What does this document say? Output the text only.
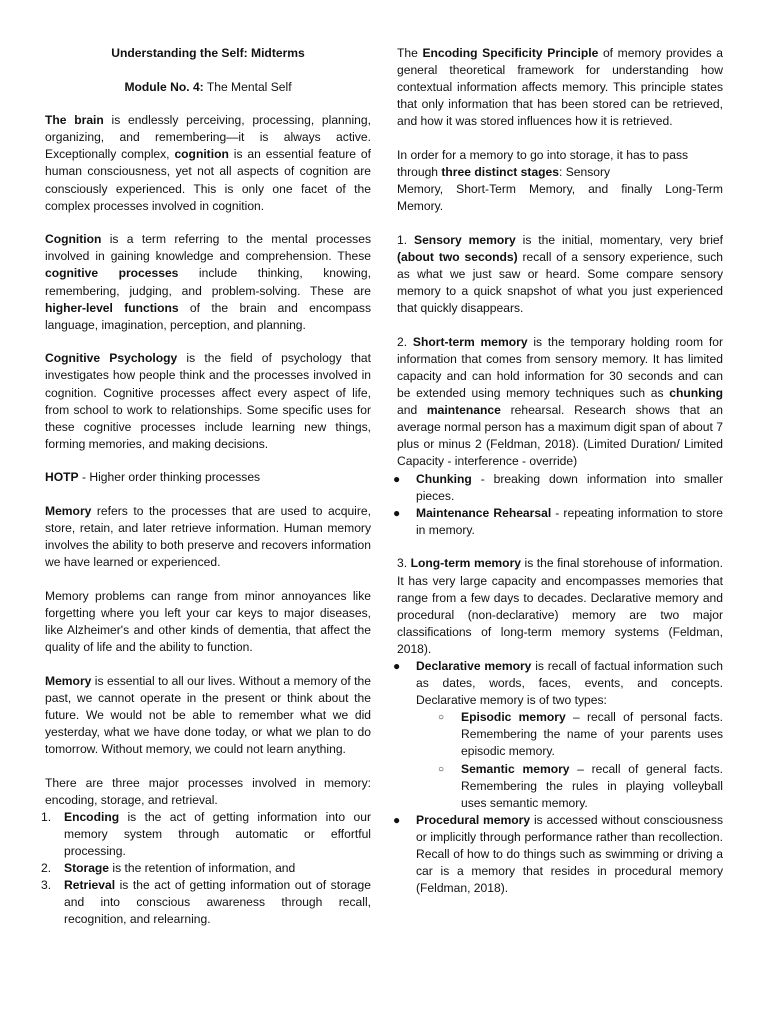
Understanding the Self: Midterms

Module No. 4: The Mental Self

The brain is endlessly perceiving, processing, planning, organizing, and remembering—it is always active. Exceptionally complex, cognition is an essential feature of human consciousness, yet not all aspects of cognition are consciously experienced. This is only one facet of the complex processes involved in cognition.

Cognition is a term referring to the mental processes involved in gaining knowledge and comprehension. These cognitive processes include thinking, knowing, remembering, judging, and problem-solving. These are higher-level functions of the brain and encompass language, imagination, perception, and planning.

Cognitive Psychology is the field of psychology that investigates how people think and the processes involved in cognition. Cognitive processes affect every aspect of life, from school to work to relationships. Some specific uses for these cognitive processes include learning new things, forming memories, and making decisions.

HOTP - Higher order thinking processes

Memory refers to the processes that are used to acquire, store, retain, and later retrieve information. Human memory involves the ability to both preserve and recovers information we have learned or experienced.

Memory problems can range from minor annoyances like forgetting where you left your car keys to major diseases, like Alzheimer's and other kinds of dementia, that affect the quality of life and the ability to function.

Memory is essential to all our lives. Without a memory of the past, we cannot operate in the present or think about the future. We would not be able to remember what we did yesterday, what we have done today, or what we plan to do tomorrow. Without memory, we could not learn anything.

There are three major processes involved in memory: encoding, storage, and retrieval.

1. Encoding is the act of getting information into our memory system through automatic or effortful processing.
2. Storage is the retention of information, and
3. Retrieval is the act of getting information out of storage and into conscious awareness through recall, recognition, and relearning.

The Encoding Specificity Principle of memory provides a general theoretical framework for understanding how contextual information affects memory. This principle states that only information that has been stored can be retrieved, and how it was stored influences how it is retrieved.

In order for a memory to go into storage, it has to pass through three distinct stages: Sensory

Memory, Short-Term Memory, and finally Long-Term Memory.

1. Sensory memory is the initial, momentary, very brief (about two seconds) recall of a sensory experience, such as what we just saw or heard. Some compare sensory memory to a quick snapshot of what you just experienced that quickly disappears.

2. Short-term memory is the temporary holding room for information that comes from sensory memory. It has limited capacity and can hold information for 30 seconds and can be extended using memory techniques such as chunking and maintenance rehearsal. Research shows that an average normal person has a maximum digit span of about 7 plus or minus 2 (Feldman, 2018). (Limited Duration/ Limited Capacity - interference - override)

● Chunking - breaking down information into smaller pieces.
● Maintenance Rehearsal - repeating information to store in memory.

3. Long-term memory is the final storehouse of information. It has very large capacity and encompasses memories that range from a few days to decades. Declarative memory and procedural (non-declarative) memory are two major classifications of long-term memory systems (Feldman, 2018).

● Declarative memory is recall of factual information such as dates, words, faces, events, and concepts. Declarative memory is of two types:
○ Episodic memory – recall of personal facts. Remembering the name of your parents uses episodic memory.
○ Semantic memory – recall of general facts. Remembering the rules in playing volleyball uses semantic memory.
● Procedural memory is accessed without consciousness or implicitly through performance rather than recollection. Recall of how to do things such as swimming or driving a car is a memory that resides in procedural memory (Feldman, 2018).
